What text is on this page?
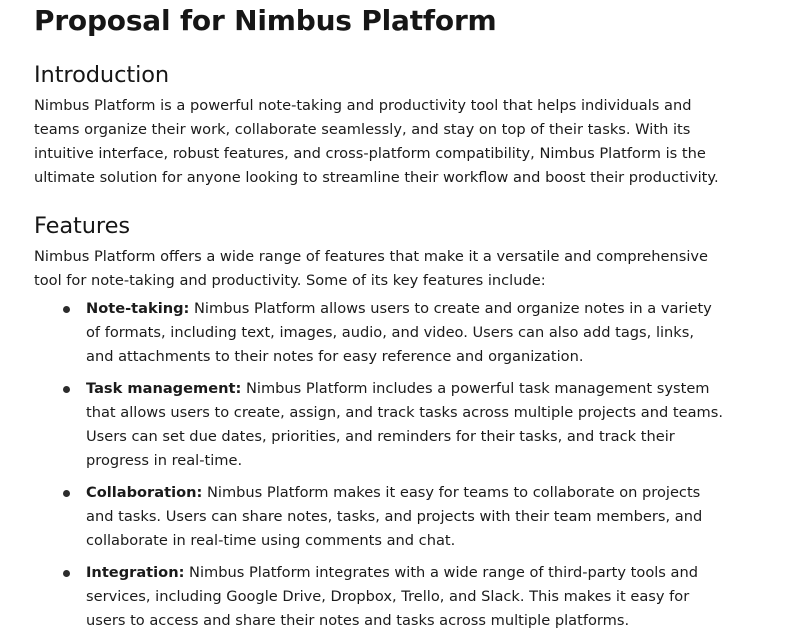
Proposal for Nimbus Platform
Introduction

Nimbus Platform is a powerful note-taking and productivity tool that helps individuals and teams organize their work, collaborate seamlessly, and stay on top of their tasks. With its intuitive interface, robust features, and cross-platform compatibility, Nimbus Platform is the ultimate solution for anyone looking to streamline their workflow and boost their productivity.

Features

Nimbus Platform offers a wide range of features that make it a versatile and comprehensive tool for note-taking and productivity. Some of its key features include:

Note-taking: Nimbus Platform allows users to create and organize notes in a variety of formats, including text, images, audio, and video. Users can also add tags, links, and attachments to their notes for easy reference and organization.
Task management: Nimbus Platform includes a powerful task management system that allows users to create, assign, and track tasks across multiple projects and teams. Users can set due dates, priorities, and reminders for their tasks, and track their progress in real-time.
Collaboration: Nimbus Platform makes it easy for teams to collaborate on projects and tasks. Users can share notes, tasks, and projects with their team members, and collaborate in real-time using comments and chat.
Integration: Nimbus Platform integrates with a wide range of third-party tools and services, including Google Drive, Dropbox, Trello, and Slack. This makes it easy for users to access and share their notes and tasks across multiple platforms.
